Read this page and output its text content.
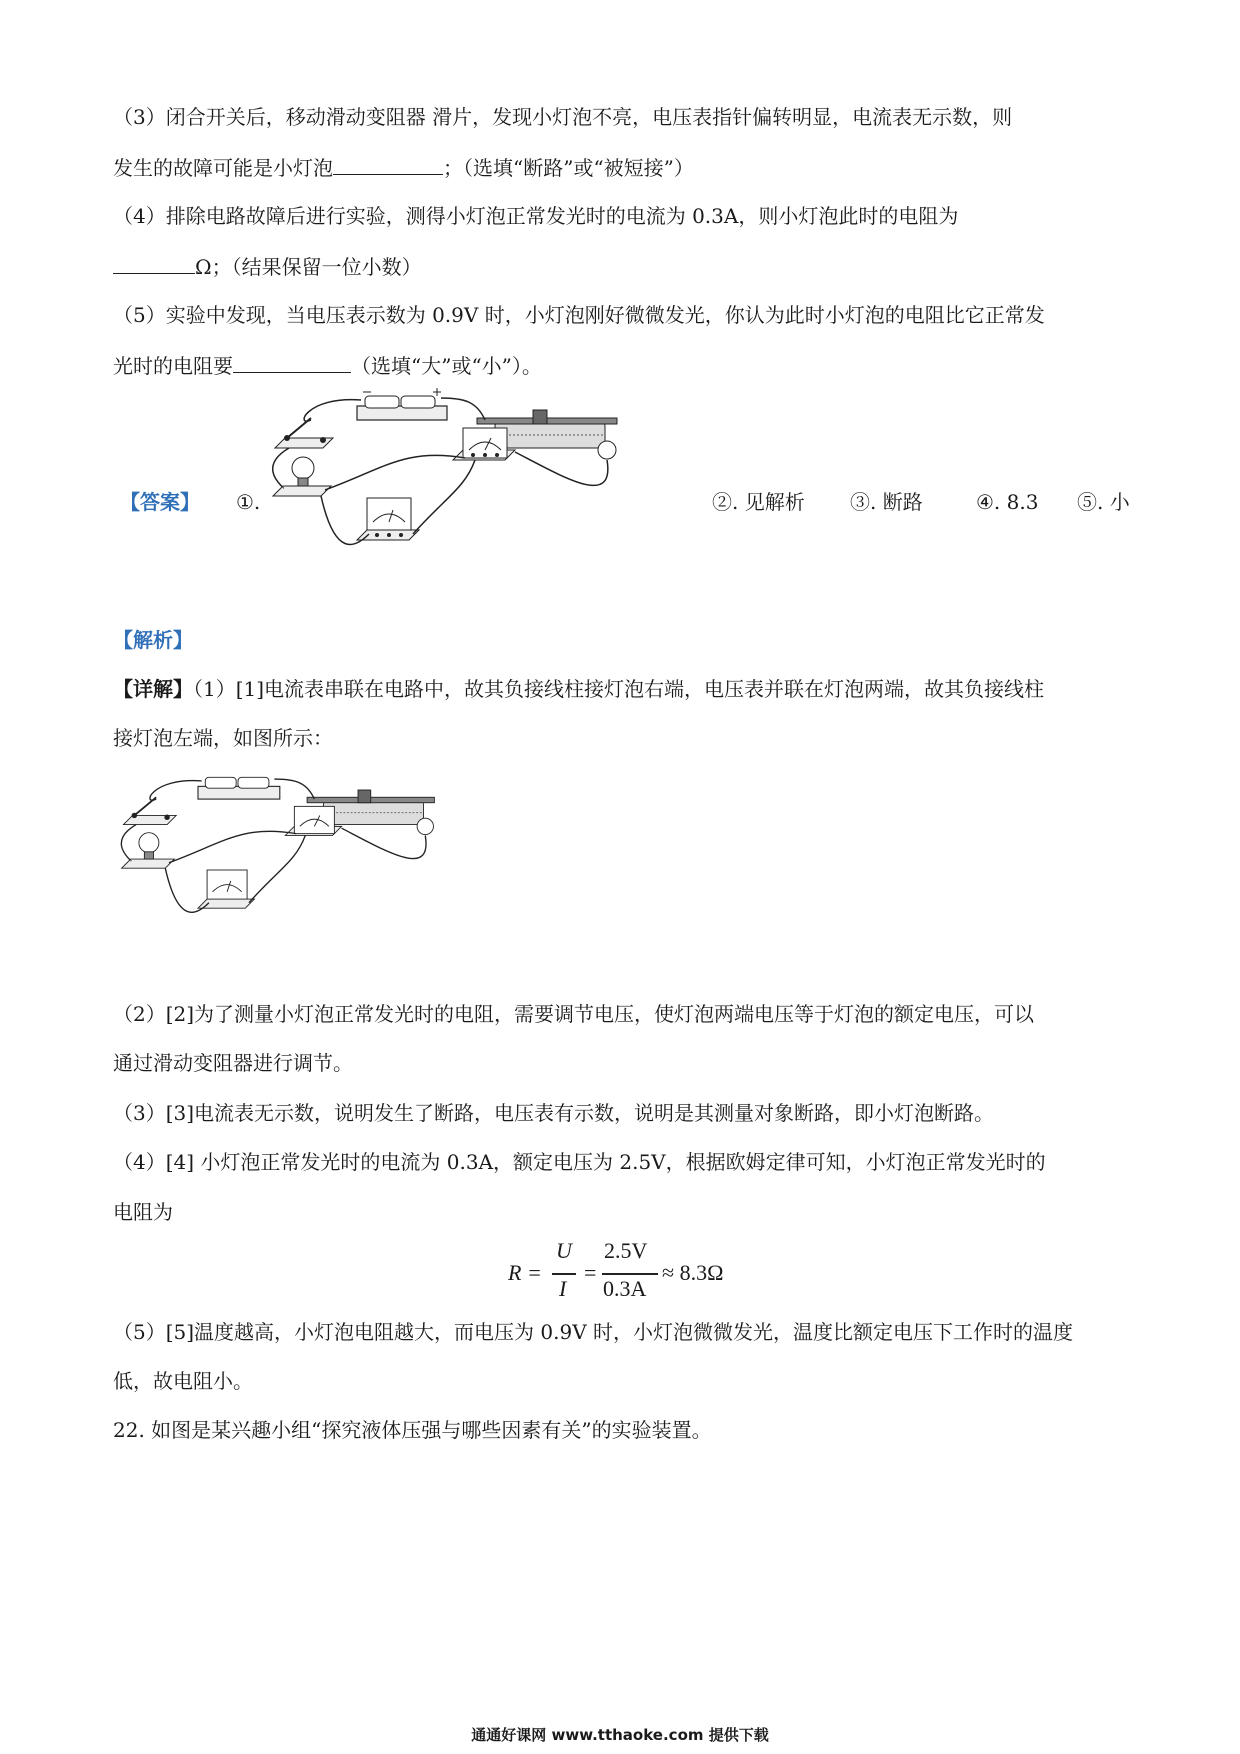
（3）闭合开关后，移动滑动变阻器 滑片，发现小灯泡不亮，电压表指针偏转明显，电流表无示数，则
发生的故障可能是小灯泡	；（选填“断路”或“被短接”）
（4）排除电路故障后进行实验，测得小灯泡正常发光时的电流为 0.3A，则小灯泡此时的电阻为
Ω；（结果保留一位小数）
（5）实验中发现，当电压表示数为 0.9V 时，小灯泡刚好微微发光，你认为此时小灯泡的电阻比它正常发
光时的电阻要	（选填“大”或“小”）。
【答案】 ①.	②. 见解析 ③. 断路	④. 8.3 ⑤. 小
【解析】
【详解】（1）[1]电流表串联在电路中，故其负接线柱接灯泡右端，电压表并联在灯泡两端，故其负接线柱
接灯泡左端，如图所示：
（2）[2]为了测量小灯泡正常发光时的电阻，需要调节电压，使灯泡两端电压等于灯泡的额定电压，可以
通过滑动变阻器进行调节。
（3）[3]电流表无示数，说明发生了断路，电压表有示数，说明是其测量对象断路，即小灯泡断路。
（4）[4] 小灯泡正常发光时的电流为 0.3A，额定电压为 2.5V，根据欧姆定律可知，小灯泡正常发光时的
电阻为
R =
U
I
=
2.5V
0.3A
≈ 8.3Ω
（5）[5]温度越高，小灯泡电阻越大，而电压为 0.9V 时，小灯泡微微发光，温度比额定电压下工作时的温度
低，故电阻小。
22. 如图是某兴趣小组“探究液体压强与哪些因素有关”的实验装置。
通通好课网 www.tthaoke.com 提供下载
